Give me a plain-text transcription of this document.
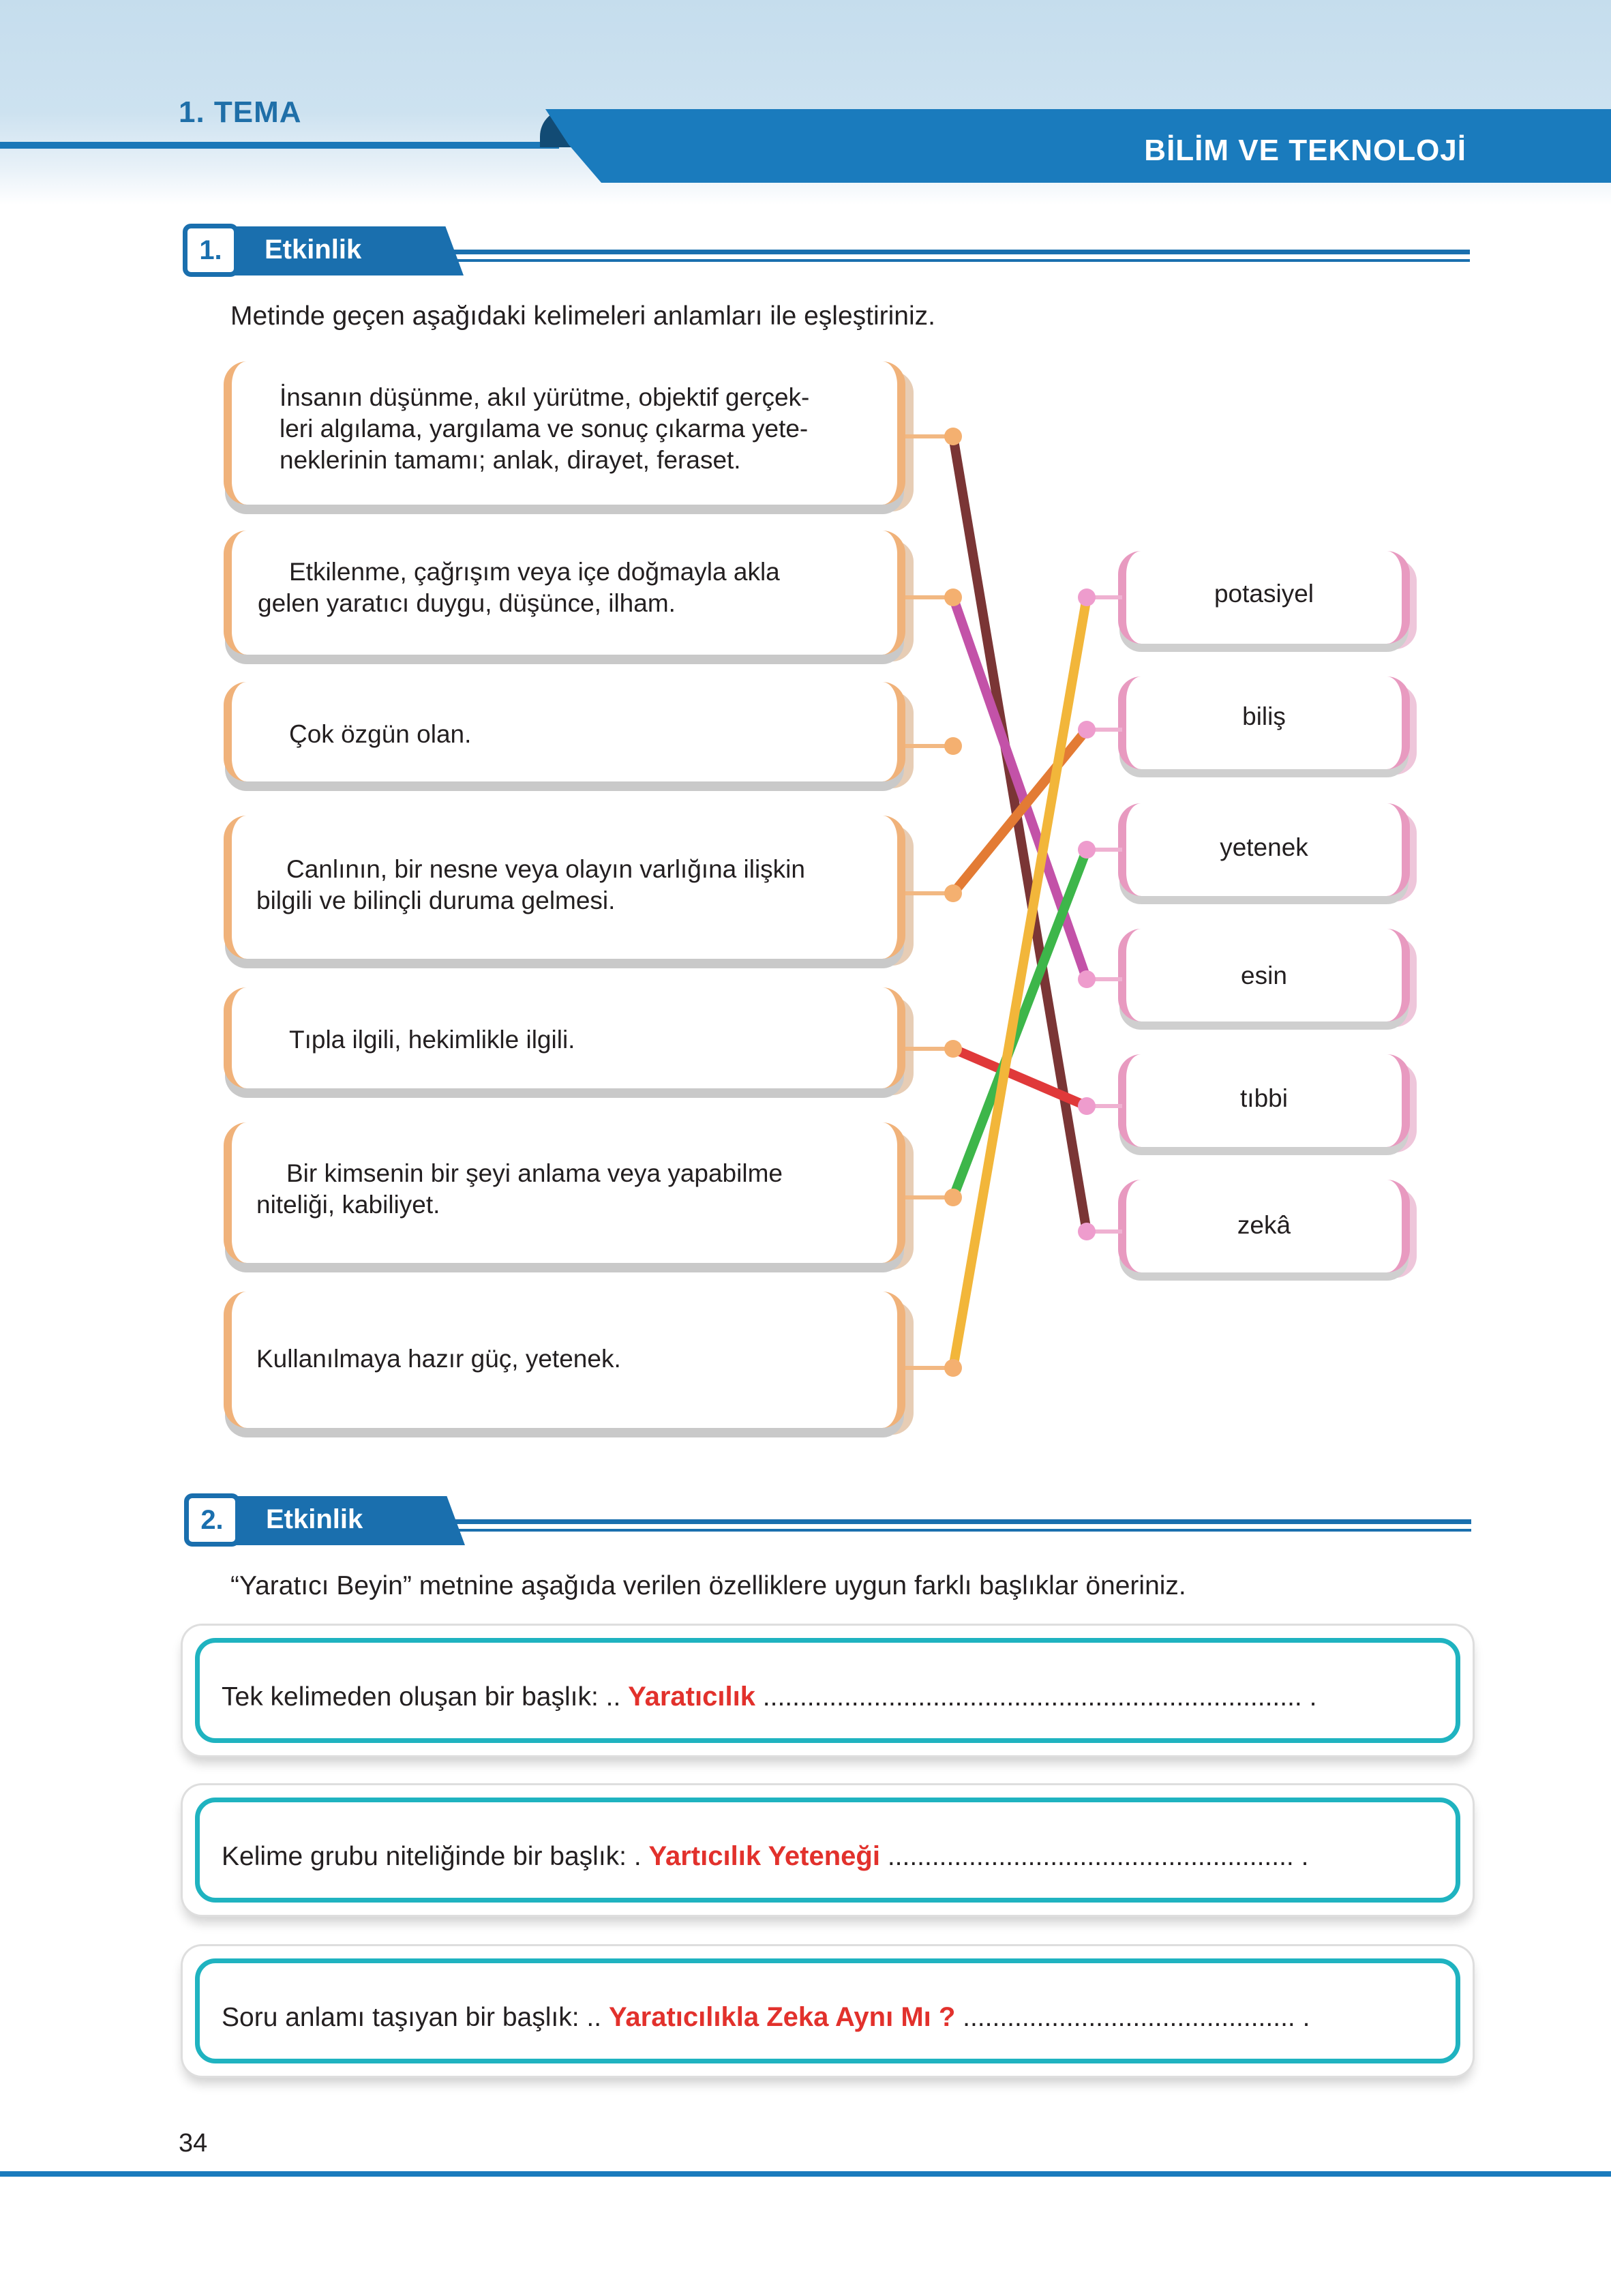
1. TEMA
BİLİM VE TEKNOLOJİ
1.	Etkinlik
Metinde geçen aşağıdaki kelimeleri anlamları ile eşleştiriniz.
İnsanın düşünme, akıl yürütme, objektif gerçek-
leri algılama, yargılama ve sonuç çıkarma yete-
neklerinin tamamı; anlak, dirayet, feraset.
Etkilenme, çağrışım veya içe doğmayla akla
gelen yaratıcı duygu, düşünce, ilham.
Çok özgün olan.
Canlının, bir nesne veya olayın varlığına ilişkin
bilgili ve bilinçli duruma gelmesi.
Tıpla ilgili, hekimlikle ilgili.
Bir kimsenin bir şeyi anlama veya yapabilme
niteliği, kabiliyet.
Kullanılmaya hazır güç, yetenek.
potasiyel
biliş
yetenek
esin
tıbbi
zekâ
2.	Etkinlik
“Yaratıcı Beyin” metnine aşağıda verilen özelliklere uygun farklı başlıklar öneriniz.
Tek kelimeden oluşan bir başlık: .. Yaratıcılık ......................................................................... .
Kelime grubu niteliğinde bir başlık: . Yartıcılık Yeteneği ....................................................... .
Soru anlamı taşıyan bir başlık: .. Yaratıcılıkla Zeka Aynı Mı ? ............................................. .
34
